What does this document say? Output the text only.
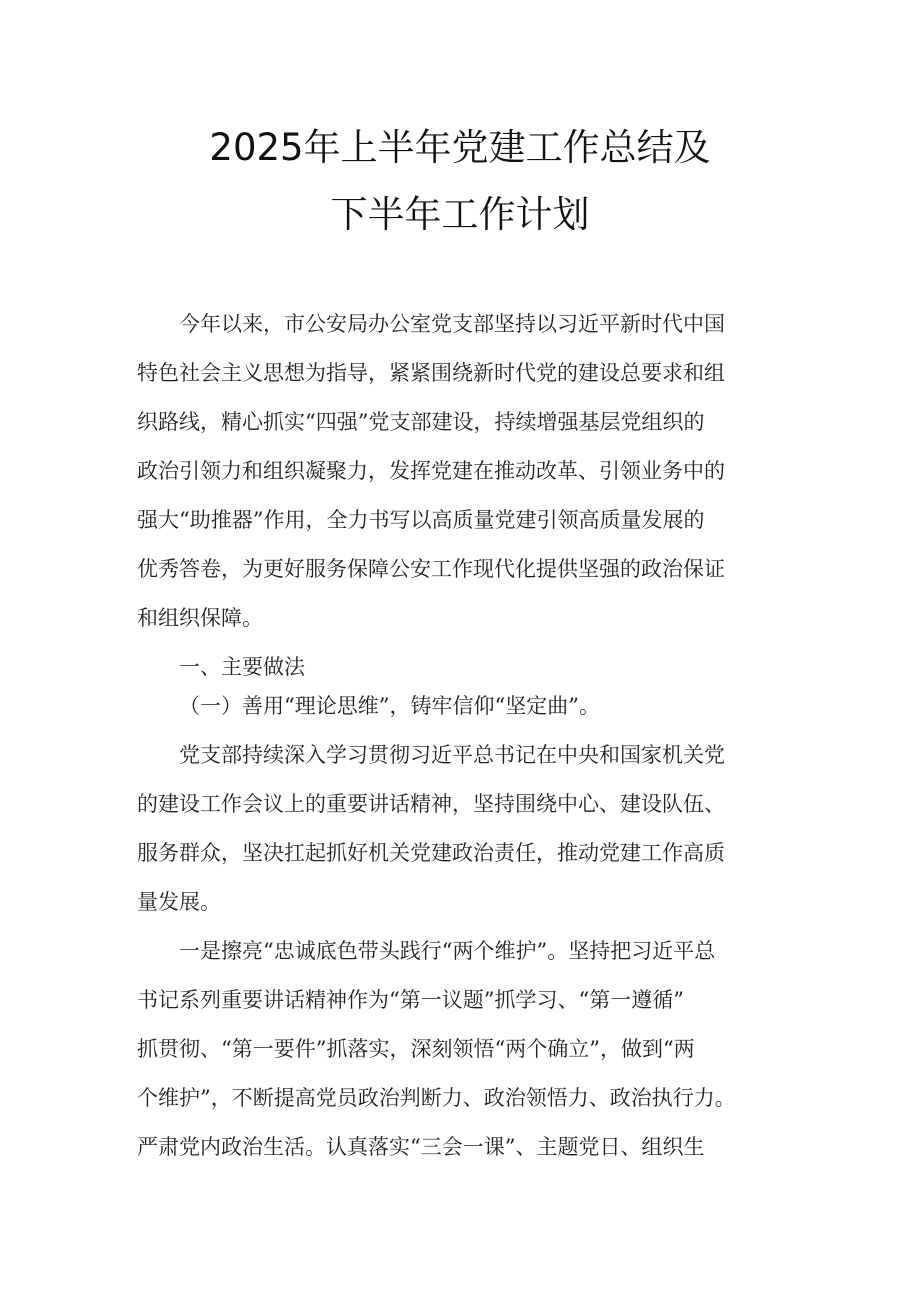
2025年上半年党建工作总结及
下半年工作计划
今年以来，市公安局办公室党支部坚持以习近平新时代中国
特色社会主义思想为指导，紧紧围绕新时代党的建设总要求和组
织路线，精心抓实“四强”党支部建设，持续增强基层党组织的
政治引领力和组织凝聚力，发挥党建在推动改革、引领业务中的
强大“助推器”作用，全力书写以高质量党建引领高质量发展的
优秀答卷，为更好服务保障公安工作现代化提供坚强的政治保证
和组织保障。
一、主要做法
（一）善用“理论思维”，铸牢信仰“坚定曲”。
党支部持续深入学习贯彻习近平总书记在中央和国家机关党
的建设工作会议上的重要讲话精神，坚持围绕中心、建设队伍、
服务群众，坚决扛起抓好机关党建政治责任，推动党建工作高质
量发展。
一是擦亮“忠诚底色带头践行“两个维护”。坚持把习近平总
书记系列重要讲话精神作为“第一议题”抓学习、“第一遵循”
抓贯彻、“第一要件”抓落实，深刻领悟“两个确立”，做到“两
个维护”，不断提高党员政治判断力、政治领悟力、政治执行力。
严肃党内政治生活。认真落实“三会一课”、主题党日、组织生
